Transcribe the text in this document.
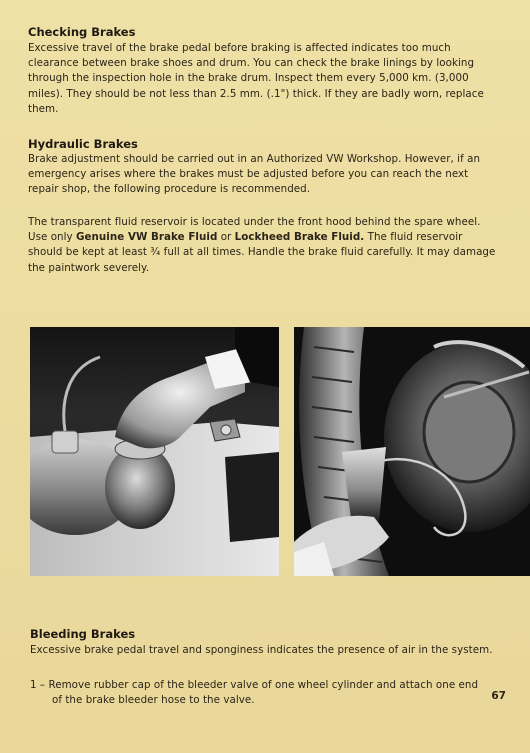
Checking Brakes

Excessive travel of the brake pedal before braking is affected indicates too much clearance between brake shoes and drum. You can check the brake linings by looking through the inspection hole in the brake drum. Inspect them every 5,000 km. (3,000 miles). They should be not less than 2.5 mm. (.1") thick. If they are badly worn, replace them.

Hydraulic Brakes

Brake adjustment should be carried out in an Authorized VW Workshop. However, if an emergency arises where the brakes must be adjusted before you can reach the next repair shop, the following procedure is recommended.

The transparent fluid reservoir is located under the front hood behind the spare wheel. Use only Genuine VW Brake Fluid or Lockheed Brake Fluid. The fluid reservoir should be kept at least ¾ full at all times. Handle the brake fluid carefully. It may damage the paintwork severely.

Bleeding Brakes

Excessive brake pedal travel and sponginess indicates the presence of air in the system.

1 – Remove rubber cap of the bleeder valve of one wheel cylinder and attach one end of the brake bleeder hose to the valve.	67
